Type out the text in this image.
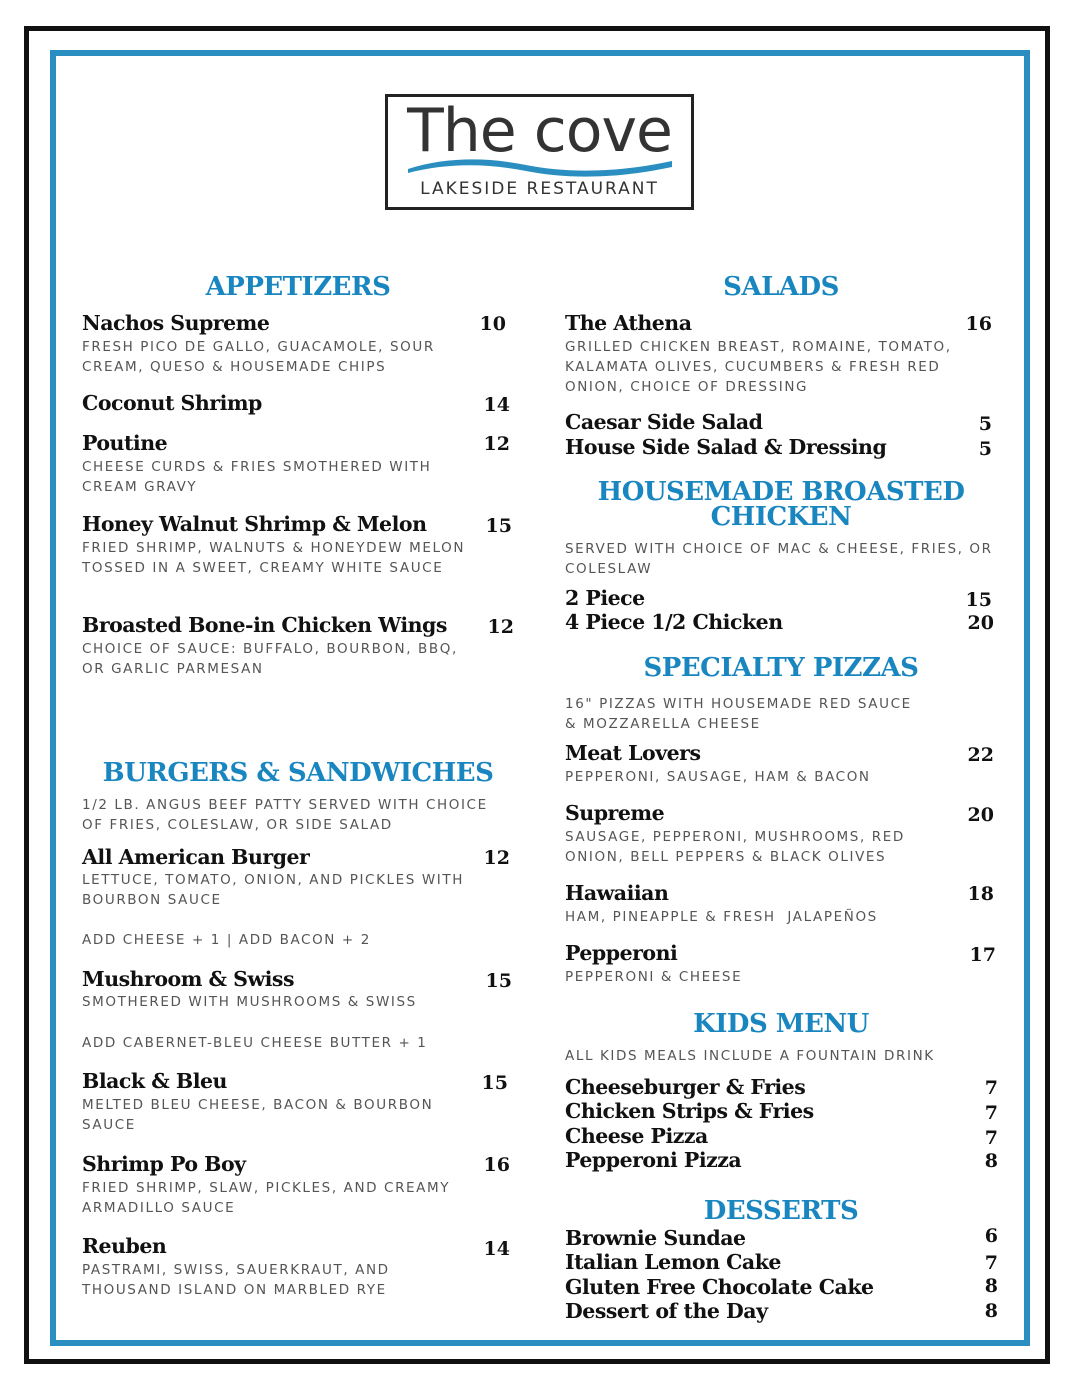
The cove
LAKESIDE RESTAURANT
APPETIZERS
Nachos Supreme	10
FRESH PICO DE GALLO, GUACAMOLE, SOUR CREAM, QUESO & HOUSEMADE CHIPS
Coconut Shrimp	14
Poutine	12
CHEESE CURDS & FRIES SMOTHERED WITH CREAM GRAVY
Honey Walnut Shrimp & Melon	15
FRIED SHRIMP, WALNUTS & HONEYDEW MELON TOSSED IN A SWEET, CREAMY WHITE SAUCE
Broasted Bone-in Chicken Wings	12
CHOICE OF SAUCE: BUFFALO, BOURBON, BBQ, OR GARLIC PARMESAN
BURGERS & SANDWICHES
1/2 LB. ANGUS BEEF PATTY SERVED WITH CHOICE OF FRIES, COLESLAW, OR SIDE SALAD
All American Burger	12
LETTUCE, TOMATO, ONION, AND PICKLES WITH BOURBON SAUCE
ADD CHEESE + 1 | ADD BACON + 2
Mushroom & Swiss	15
SMOTHERED WITH MUSHROOMS & SWISS
ADD CABERNET-BLEU CHEESE BUTTER + 1
Black & Bleu	15
MELTED BLEU CHEESE, BACON & BOURBON SAUCE
Shrimp Po Boy	16
FRIED SHRIMP, SLAW, PICKLES, AND CREAMY ARMADILLO SAUCE
Reuben	14
PASTRAMI, SWISS, SAUERKRAUT, AND THOUSAND ISLAND ON MARBLED RYE
SALADS
The Athena	16
GRILLED CHICKEN BREAST, ROMAINE, TOMATO, KALAMATA OLIVES, CUCUMBERS & FRESH RED ONION, CHOICE OF DRESSING
Caesar Side Salad	5
House Side Salad & Dressing	5
HOUSEMADE BROASTED
CHICKEN
SERVED WITH CHOICE OF MAC & CHEESE, FRIES, OR COLESLAW
2 Piece	15
4 Piece 1/2 Chicken	20
SPECIALTY PIZZAS
16" PIZZAS WITH HOUSEMADE RED SAUCE & MOZZARELLA CHEESE
Meat Lovers	22
PEPPERONI, SAUSAGE, HAM & BACON
Supreme	20
SAUSAGE, PEPPERONI, MUSHROOMS, RED ONION, BELL PEPPERS & BLACK OLIVES
Hawaiian	18
HAM, PINEAPPLE & FRESH  JALAPEÑOS
Pepperoni	17
PEPPERONI & CHEESE
KIDS MENU
ALL KIDS MEALS INCLUDE A FOUNTAIN DRINK
Cheeseburger & Fries	7
Chicken Strips & Fries	7
Cheese Pizza	7
Pepperoni Pizza	8
DESSERTS
Brownie Sundae	6
Italian Lemon Cake	7
Gluten Free Chocolate Cake	8
Dessert of the Day	8
